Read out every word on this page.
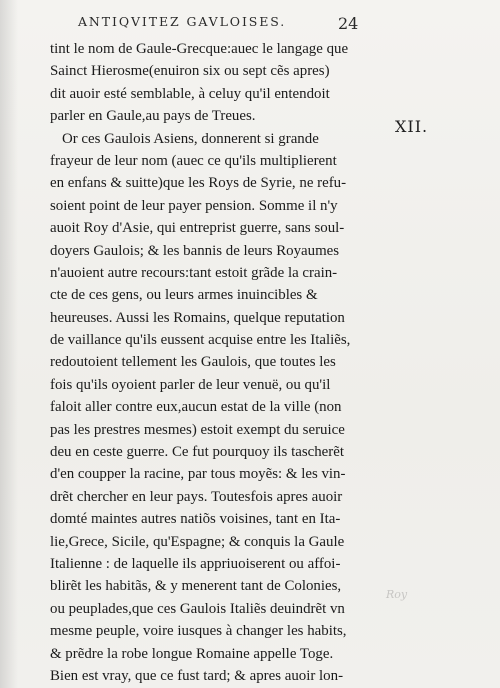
ANTIQVITEZ GAVLOISES.	24
XII.
Roy
tint le nom de Gaule-Grecque:auec le langage que
Sainct Hierosme(enuiron six ou sept cẽs apres)
dit auoir esté semblable, à celuy qu'il entendoit
parler en Gaule,au pays de Treues.
Or ces Gaulois Asiens, donnerent si grande
frayeur de leur nom (auec ce qu'ils multiplierent
en enfans & suitte)que les Roys de Syrie, ne refu-
soient point de leur payer pension. Somme il n'y
auoit Roy d'Asie, qui entreprist guerre, sans soul-
doyers Gaulois; & les bannis de leurs Royaumes
n'auoient autre recours:tant estoit grãde la crain-
cte de ces gens, ou leurs armes inuincibles &
heureuses. Aussi les Romains, quelque reputation
de vaillance qu'ils eussent acquise entre les Italiẽs,
redoutoient tellement les Gaulois, que toutes les
fois qu'ils oyoient parler de leur venuë, ou qu'il
faloit aller contre eux,aucun estat de la ville (non
pas les prestres mesmes) estoit exempt du seruice
deu en ceste guerre. Ce fut pourquoy ils tascherẽt
d'en coupper la racine, par tous moyẽs: & les vin-
drẽt chercher en leur pays. Toutesfois apres auoir
domté maintes autres natiõs voisines, tant en Ita-
lie,Grece, Sicile, qu'Espagne; & conquis la Gaule
Italienne : de laquelle ils appriuoiserent ou affoi-
blirẽt les habitãs, & y menerent tant de Colonies,
ou peuplades,que ces Gaulois Italiẽs deuindrẽt vn
mesme peuple, voire iusques à changer les habits,
& prẽdre la robe longue Romaine appelle Toge.
Bien est vray, que ce fust tard; & apres auoir lon-
